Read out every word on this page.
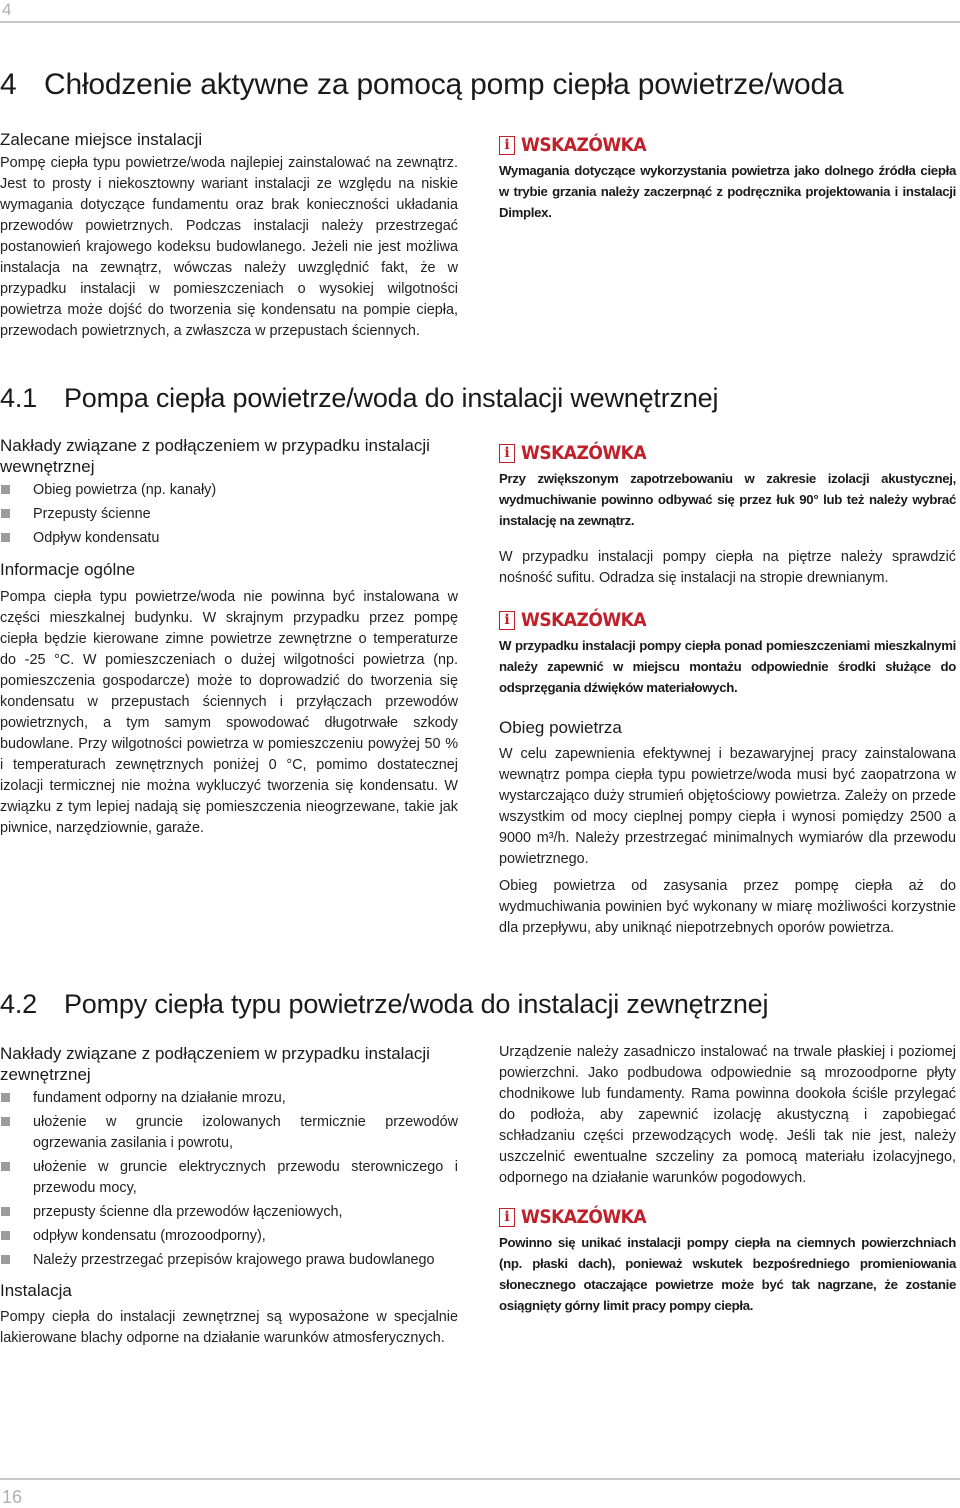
4
4 Chłodzenie aktywne za pomocą pomp ciepła powietrze/woda
Zalecane miejsce instalacji

Pompę ciepła typu powietrze/woda najlepiej zainstalować na zewnątrz. Jest to prosty i niekosztowny wariant instalacji ze względu na niskie wymagania dotyczące fundamentu oraz brak konieczności układania przewodów powietrznych. Podczas instalacji należy przestrzegać postanowień krajowego kodeksu budowlanego. Jeżeli nie jest możliwa instalacja na zewnątrz, wówczas należy uwzględnić fakt, że w przypadku instalacji w pomieszczeniach o wysokiej wilgotności powietrza może dojść do tworzenia się kondensatu na pompie ciepła, przewodach powietrznych, a zwłaszcza w przepustach ściennych.

i WSKAZÓWKA
Wymagania dotyczące wykorzystania powietrza jako dolnego źródła ciepła w trybie grzania należy zaczerpnąć z podręcznika projektowania i instalacji Dimplex.
4.1 Pompa ciepła powietrze/woda do instalacji wewnętrznej
Nakłady związane z podłączeniem w przypadku instalacji wewnętrznej
Obieg powietrza (np. kanały)
Przepusty ścienne
Odpływ kondensatu
Informacje ogólne

Pompa ciepła typu powietrze/woda nie powinna być instalowana w części mieszkalnej budynku. W skrajnym przypadku przez pompę ciepła będzie kierowane zimne powietrze zewnętrzne o temperaturze do -25 °C. W pomieszczeniach o dużej wilgotności powietrza (np. pomieszczenia gospodarcze) może to doprowadzić do tworzenia się kondensatu w przepustach ściennych i przyłączach przewodów powietrznych, a tym samym spowodować długotrwałe szkody budowlane. Przy wilgotności powietrza w pomieszczeniu powyżej 50 % i temperaturach zewnętrznych poniżej 0 °C, pomimo dostatecznej izolacji termicznej nie można wykluczyć tworzenia się kondensatu. W związku z tym lepiej nadają się pomieszczenia nieogrzewane, takie jak piwnice, narzędziownie, garaże.

i WSKAZÓWKA
Przy zwiększonym zapotrzebowaniu w zakresie izolacji akustycznej, wydmuchiwanie powinno odbywać się przez łuk 90° lub też należy wybrać instalację na zewnątrz.

W przypadku instalacji pompy ciepła na piętrze należy sprawdzić nośność sufitu. Odradza się instalacji na stropie drewnianym.

i WSKAZÓWKA
W przypadku instalacji pompy ciepła ponad pomieszczeniami mieszkalnymi należy zapewnić w miejscu montażu odpowiednie środki służące do odsprzęgania dźwięków materiałowych.
Obieg powietrza

W celu zapewnienia efektywnej i bezawaryjnej pracy zainstalowana wewnątrz pompa ciepła typu powietrze/woda musi być zaopatrzona w wystarczająco duży strumień objętościowy powietrza. Zależy on przede wszystkim od mocy cieplnej pompy ciepła i wynosi pomiędzy 2500 a 9000 m³/h. Należy przestrzegać minimalnych wymiarów dla przewodu powietrznego.

Obieg powietrza od zasysania przez pompę ciepła aż do wydmuchiwania powinien być wykonany w miarę możliwości korzystnie dla przepływu, aby uniknąć niepotrzebnych oporów powietrza.

4.2 Pompy ciepła typu powietrze/woda do instalacji zewnętrznej
Nakłady związane z podłączeniem w przypadku instalacji zewnętrznej
fundament odporny na działanie mrozu,
ułożenie w gruncie izolowanych termicznie przewodów ogrzewania zasilania i powrotu,
ułożenie w gruncie elektrycznych przewodu sterowniczego i przewodu mocy,
przepusty ścienne dla przewodów łączeniowych,
odpływ kondensatu (mrozoodporny),
Należy przestrzegać przepisów krajowego prawa budowlanego
Instalacja

Pompy ciepła do instalacji zewnętrznej są wyposażone w specjalnie lakierowane blachy odporne na działanie warunków atmosferycznych.

Urządzenie należy zasadniczo instalować na trwale płaskiej i poziomej powierzchni. Jako podbudowa odpowiednie są mrozoodporne płyty chodnikowe lub fundamenty. Rama powinna dookoła ściśle przylegać do podłoża, aby zapewnić izolację akustyczną i zapobiegać schładzaniu części przewodzących wodę. Jeśli tak nie jest, należy uszczelnić ewentualne szczeliny za pomocą materiału izolacyjnego, odpornego na działanie warunków pogodowych.

i WSKAZÓWKA
Powinno się unikać instalacji pompy ciepła na ciemnych powierzchniach (np. płaski dach), ponieważ wskutek bezpośredniego promieniowania słonecznego otaczające powietrze może być tak nagrzane, że zostanie osiągnięty górny limit pracy pompy ciepła.
16
